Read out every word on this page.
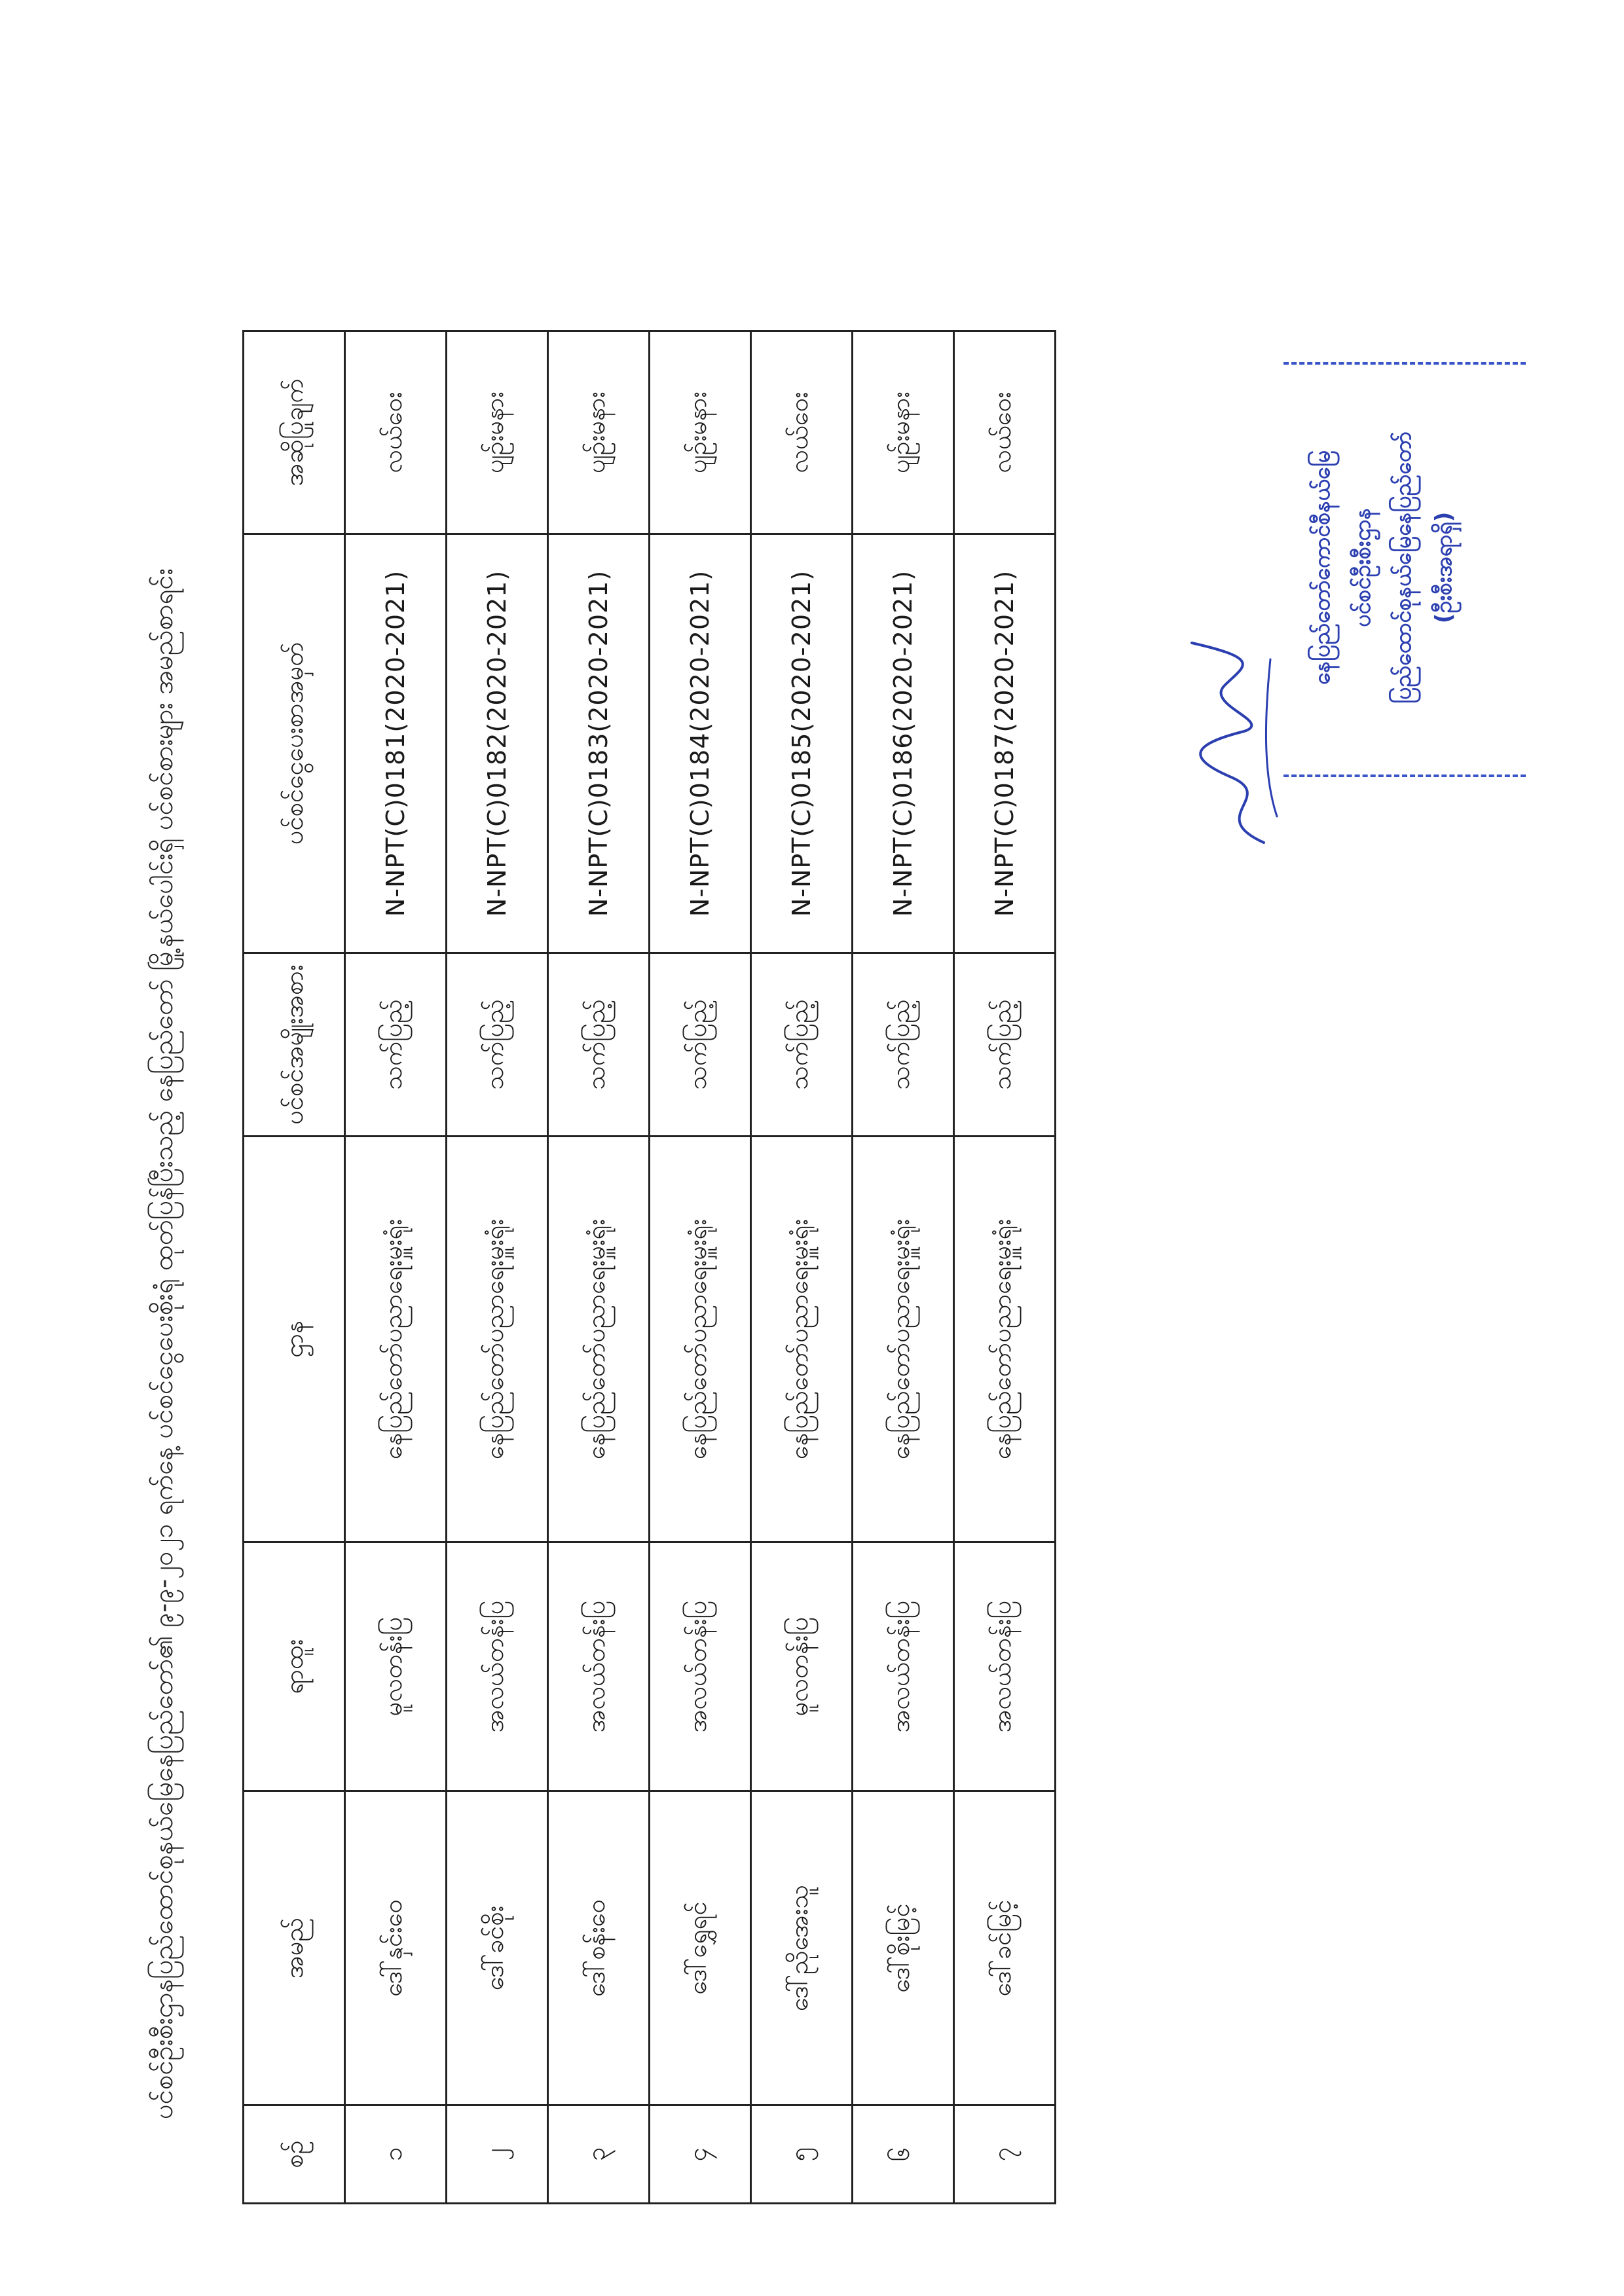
ပင်စင်ဦးစီးဌာနပြည်ထောင်စုနယ်မြေနေပြည်တော်၏ ၉-၉-၂၀၂၁ ရက်နေ့ ပင်စင်ငွေပေးစိုးရုံ ထုတ်ပြန်ပြီးသည့် နေပြည်တော် မြို့နယ်ပေါင်းရှိ ပင်စင်စားများ အမည်စာရင်း
စဉ်	အမည်	ရာထူး	ဌာန	ပင်စင်အမျိုးအစား	ပင်စင်ငွေပေးစာအမှတ်	အဆိုပြုချက်
၁	ဒေါ်နှင်းဝေ	မူလတန်းပြ	နေပြည်တော်ပညာရေးမှူးရုံး	သက်ပြည့်	N-NPT(C)0181(2020-2021)	လယ်ဝေး
၂	ဒေါ်ခင်စိုး	အလယ်တန်းပြ	နေပြည်တော်ပညာရေးမှူးရုံး	သက်ပြည့်	N-NPT(C)0182(2020-2021)	ပျဉ်းမနား
၃	ဒေါ်စန်းဝေ	အလယ်တန်းပြ	နေပြည်တော်ပညာရေးမှူးရုံး	သက်ပြည့်	N-NPT(C)0183(2020-2021)	ပျဉ်းမနား
၄	ဒေါ်ရွှေရင်	အလယ်တန်းပြ	နေပြည်တော်ပညာရေးမှူးရုံး	သက်ပြည့်	N-NPT(C)0184(2020-2021)	ပျဉ်းမနား
၅	ဒေါ်ညိုအေးသူ	မူလတန်းပြ	နေပြည်တော်ပညာရေးမှူးရုံး	သက်ပြည့်	N-NPT(C)0185(2020-2021)	လယ်ဝေး
၆	ဒေါ်စိုးမြင့်	အလယ်တန်းပြ	နေပြည်တော်ပညာရေးမှူးရုံး	သက်ပြည့်	N-NPT(C)0186(2020-2021)	ပျဉ်းမနား
၇	ဒေါ်ခင်မြင့်	အလယ်တန်းပြ	နေပြည်တော်ပညာရေးမှူးရုံး	သက်ပြည့်	N-NPT(C)0187(2020-2021)	လယ်ဝေး
နေပြည်တော်ကောင်စီနယ်မြေ ပင်စင်ဦးစီးဌာန ပြည်ထောင်စုနယ်မြေနေပြည်တော် (ဦးစီးအရာရှိ)
